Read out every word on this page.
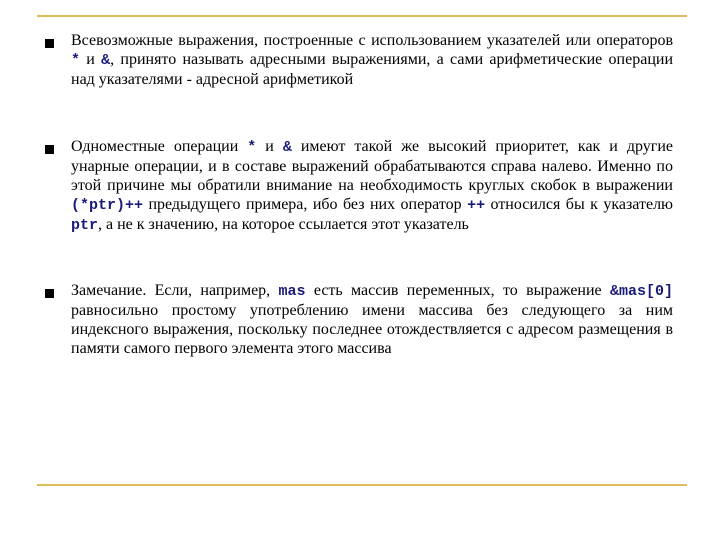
Всевозможные выражения, построенные с использованием указателей или операторов * и &, принято называть адресными выражениями, а сами арифметические операции над указателями - адресной арифметикой

Одноместные операции * и & имеют такой же высокий приоритет, как и другие унарные операции, и в составе выражений обрабатываются справа налево. Именно по этой причине мы обратили внимание на необходимость круглых скобок в выражении (*ptr)++ предыдущего примера, ибо без них оператор ++ относился бы к указателю ptr, а не к значению, на которое ссылается этот указатель

Замечание. Если, например, mas есть массив переменных, то выражение &mas[0] равносильно простому употреблению имени массива без следующего за ним индексного выражения, поскольку последнее отождествляется с адресом размещения в памяти самого первого элемента этого массива
